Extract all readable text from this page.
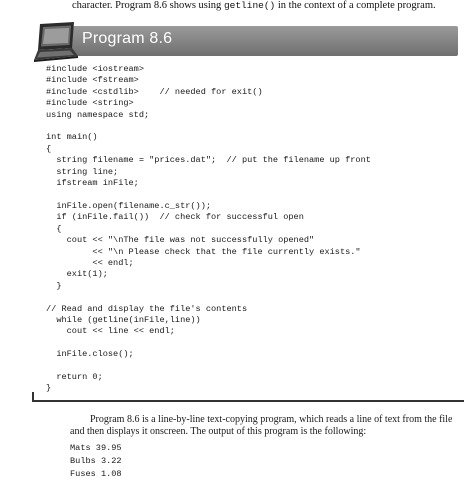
character. Program 8.6 shows using getline() in the context of a complete program.
Program 8.6
#include <iostream>
#include <fstream>
#include <cstdlib>    // needed for exit()
#include <string>
using namespace std;

int main()
{
string filename = "prices.dat";  // put the filename up front
string line;
ifstream inFile;

inFile.open(filename.c_str());
if (inFile.fail())  // check for successful open
{
cout << "\nThe file was not successfully opened"
<< "\n Please check that the file currently exists."
<< endl;
exit(1);
}

// Read and display the file's contents
while (getline(inFile,line))
cout << line << endl;

inFile.close();

return 0;
}
Program 8.6 is a line-by-line text-copying program, which reads a line of text from the file
and then displays it onscreen. The output of this program is the following:
Mats 39.95
Bulbs 3.22
Fuses 1.08
